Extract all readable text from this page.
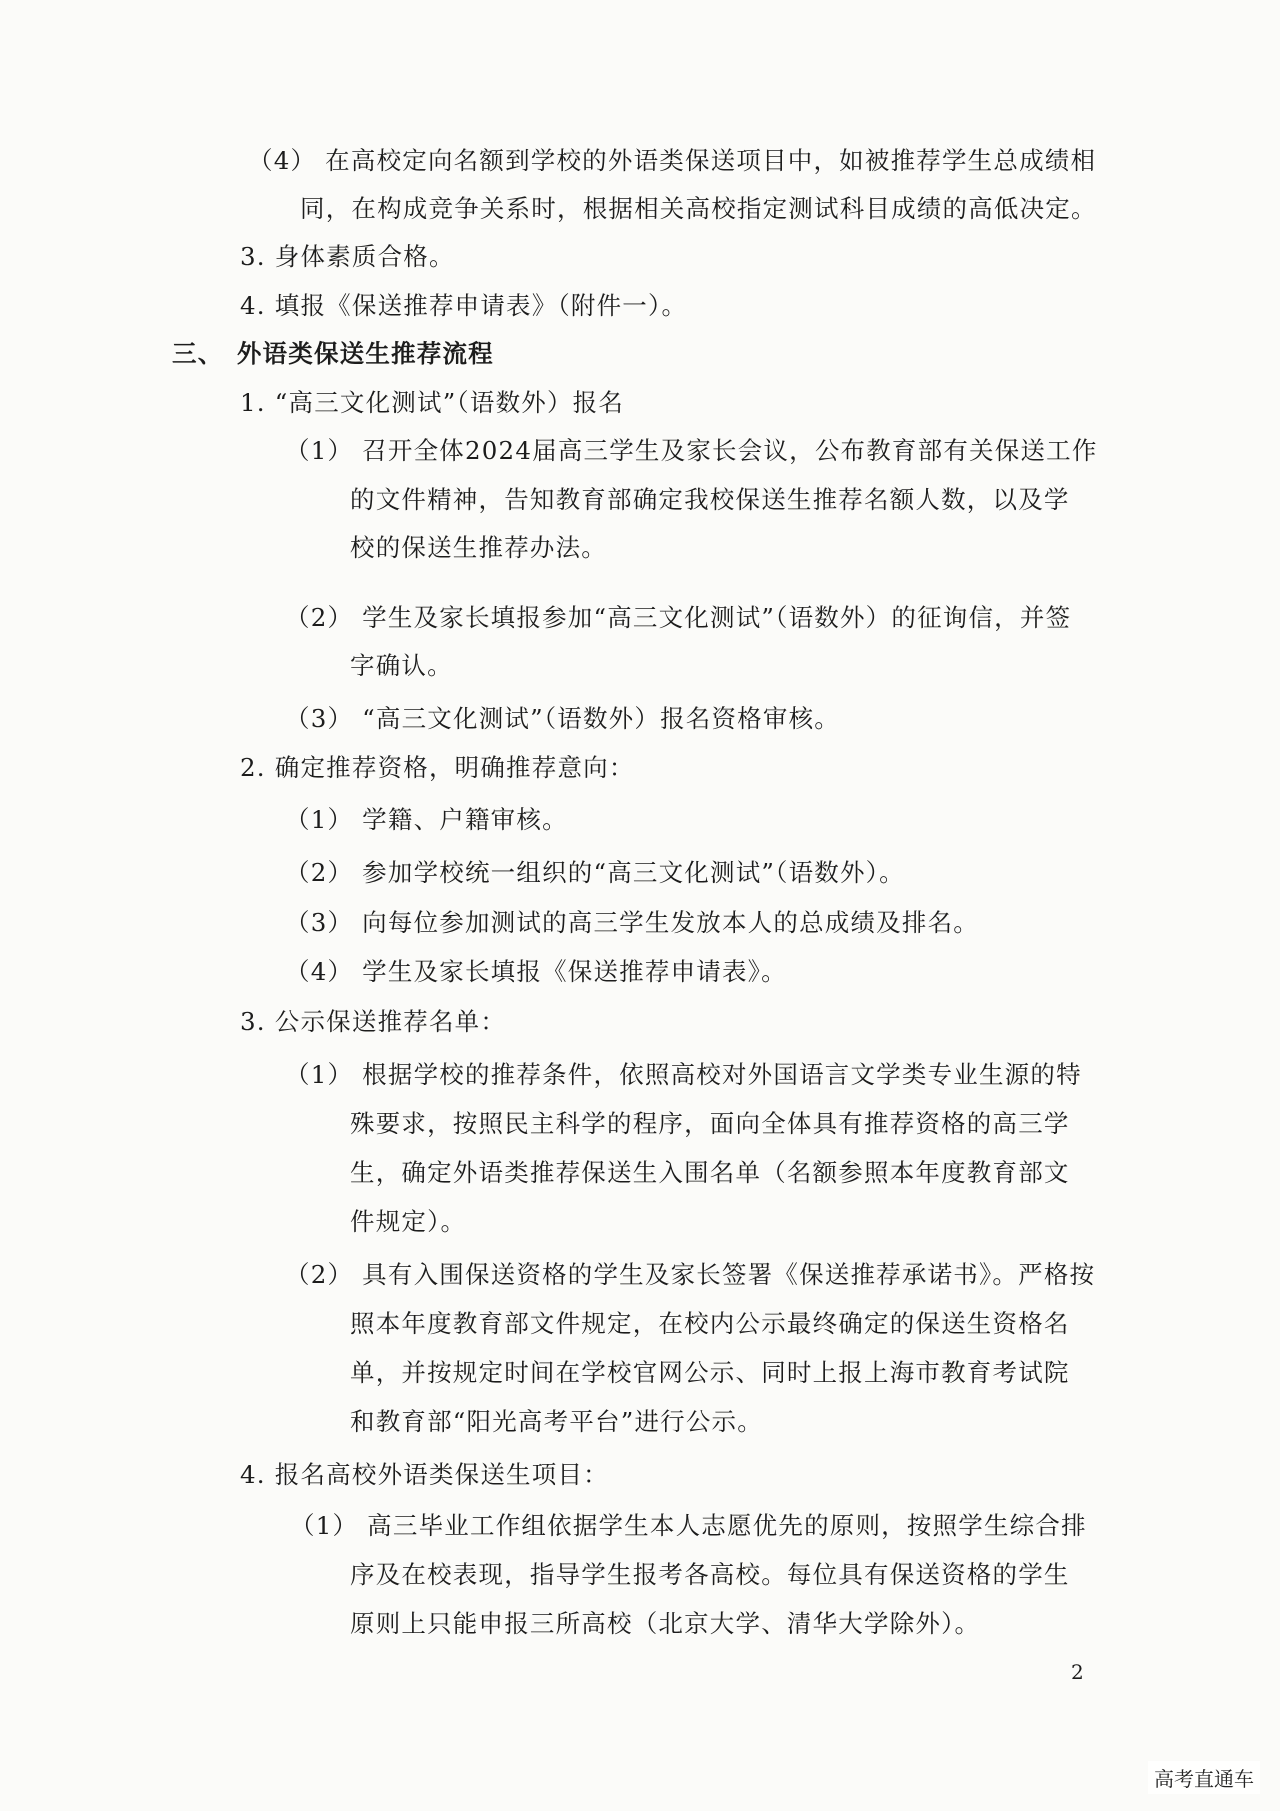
（4） 在高校定向名额到学校的外语类保送项目中，如被推荐学生总成绩相
同，在构成竞争关系时，根据相关高校指定测试科目成绩的高低决定。
3. 身体素质合格。
4. 填报《保送推荐申请表》（附件一）。
三、　外语类保送生推荐流程
1. “高三文化测试”（语数外）报名
（1） 召开全体2024届高三学生及家长会议，公布教育部有关保送工作
的文件精神，告知教育部确定我校保送生推荐名额人数，以及学
校的保送生推荐办法。
（2） 学生及家长填报参加“高三文化测试”（语数外）的征询信，并签
字确认。
（3） “高三文化测试”（语数外）报名资格审核。
2. 确定推荐资格，明确推荐意向：
（1） 学籍、户籍审核。
（2） 参加学校统一组织的“高三文化测试”（语数外）。
（3） 向每位参加测试的高三学生发放本人的总成绩及排名。
（4） 学生及家长填报《保送推荐申请表》。
3. 公示保送推荐名单：
（1） 根据学校的推荐条件，依照高校对外国语言文学类专业生源的特
殊要求，按照民主科学的程序，面向全体具有推荐资格的高三学
生，确定外语类推荐保送生入围名单（名额参照本年度教育部文
件规定）。
（2） 具有入围保送资格的学生及家长签署《保送推荐承诺书》。严格按
照本年度教育部文件规定，在校内公示最终确定的保送生资格名
单，并按规定时间在学校官网公示、同时上报上海市教育考试院
和教育部“阳光高考平台”进行公示。
4. 报名高校外语类保送生项目：
（1） 高三毕业工作组依据学生本人志愿优先的原则，按照学生综合排
序及在校表现，指导学生报考各高校。每位具有保送资格的学生
原则上只能申报三所高校（北京大学、清华大学除外）。
2
高考直通车
